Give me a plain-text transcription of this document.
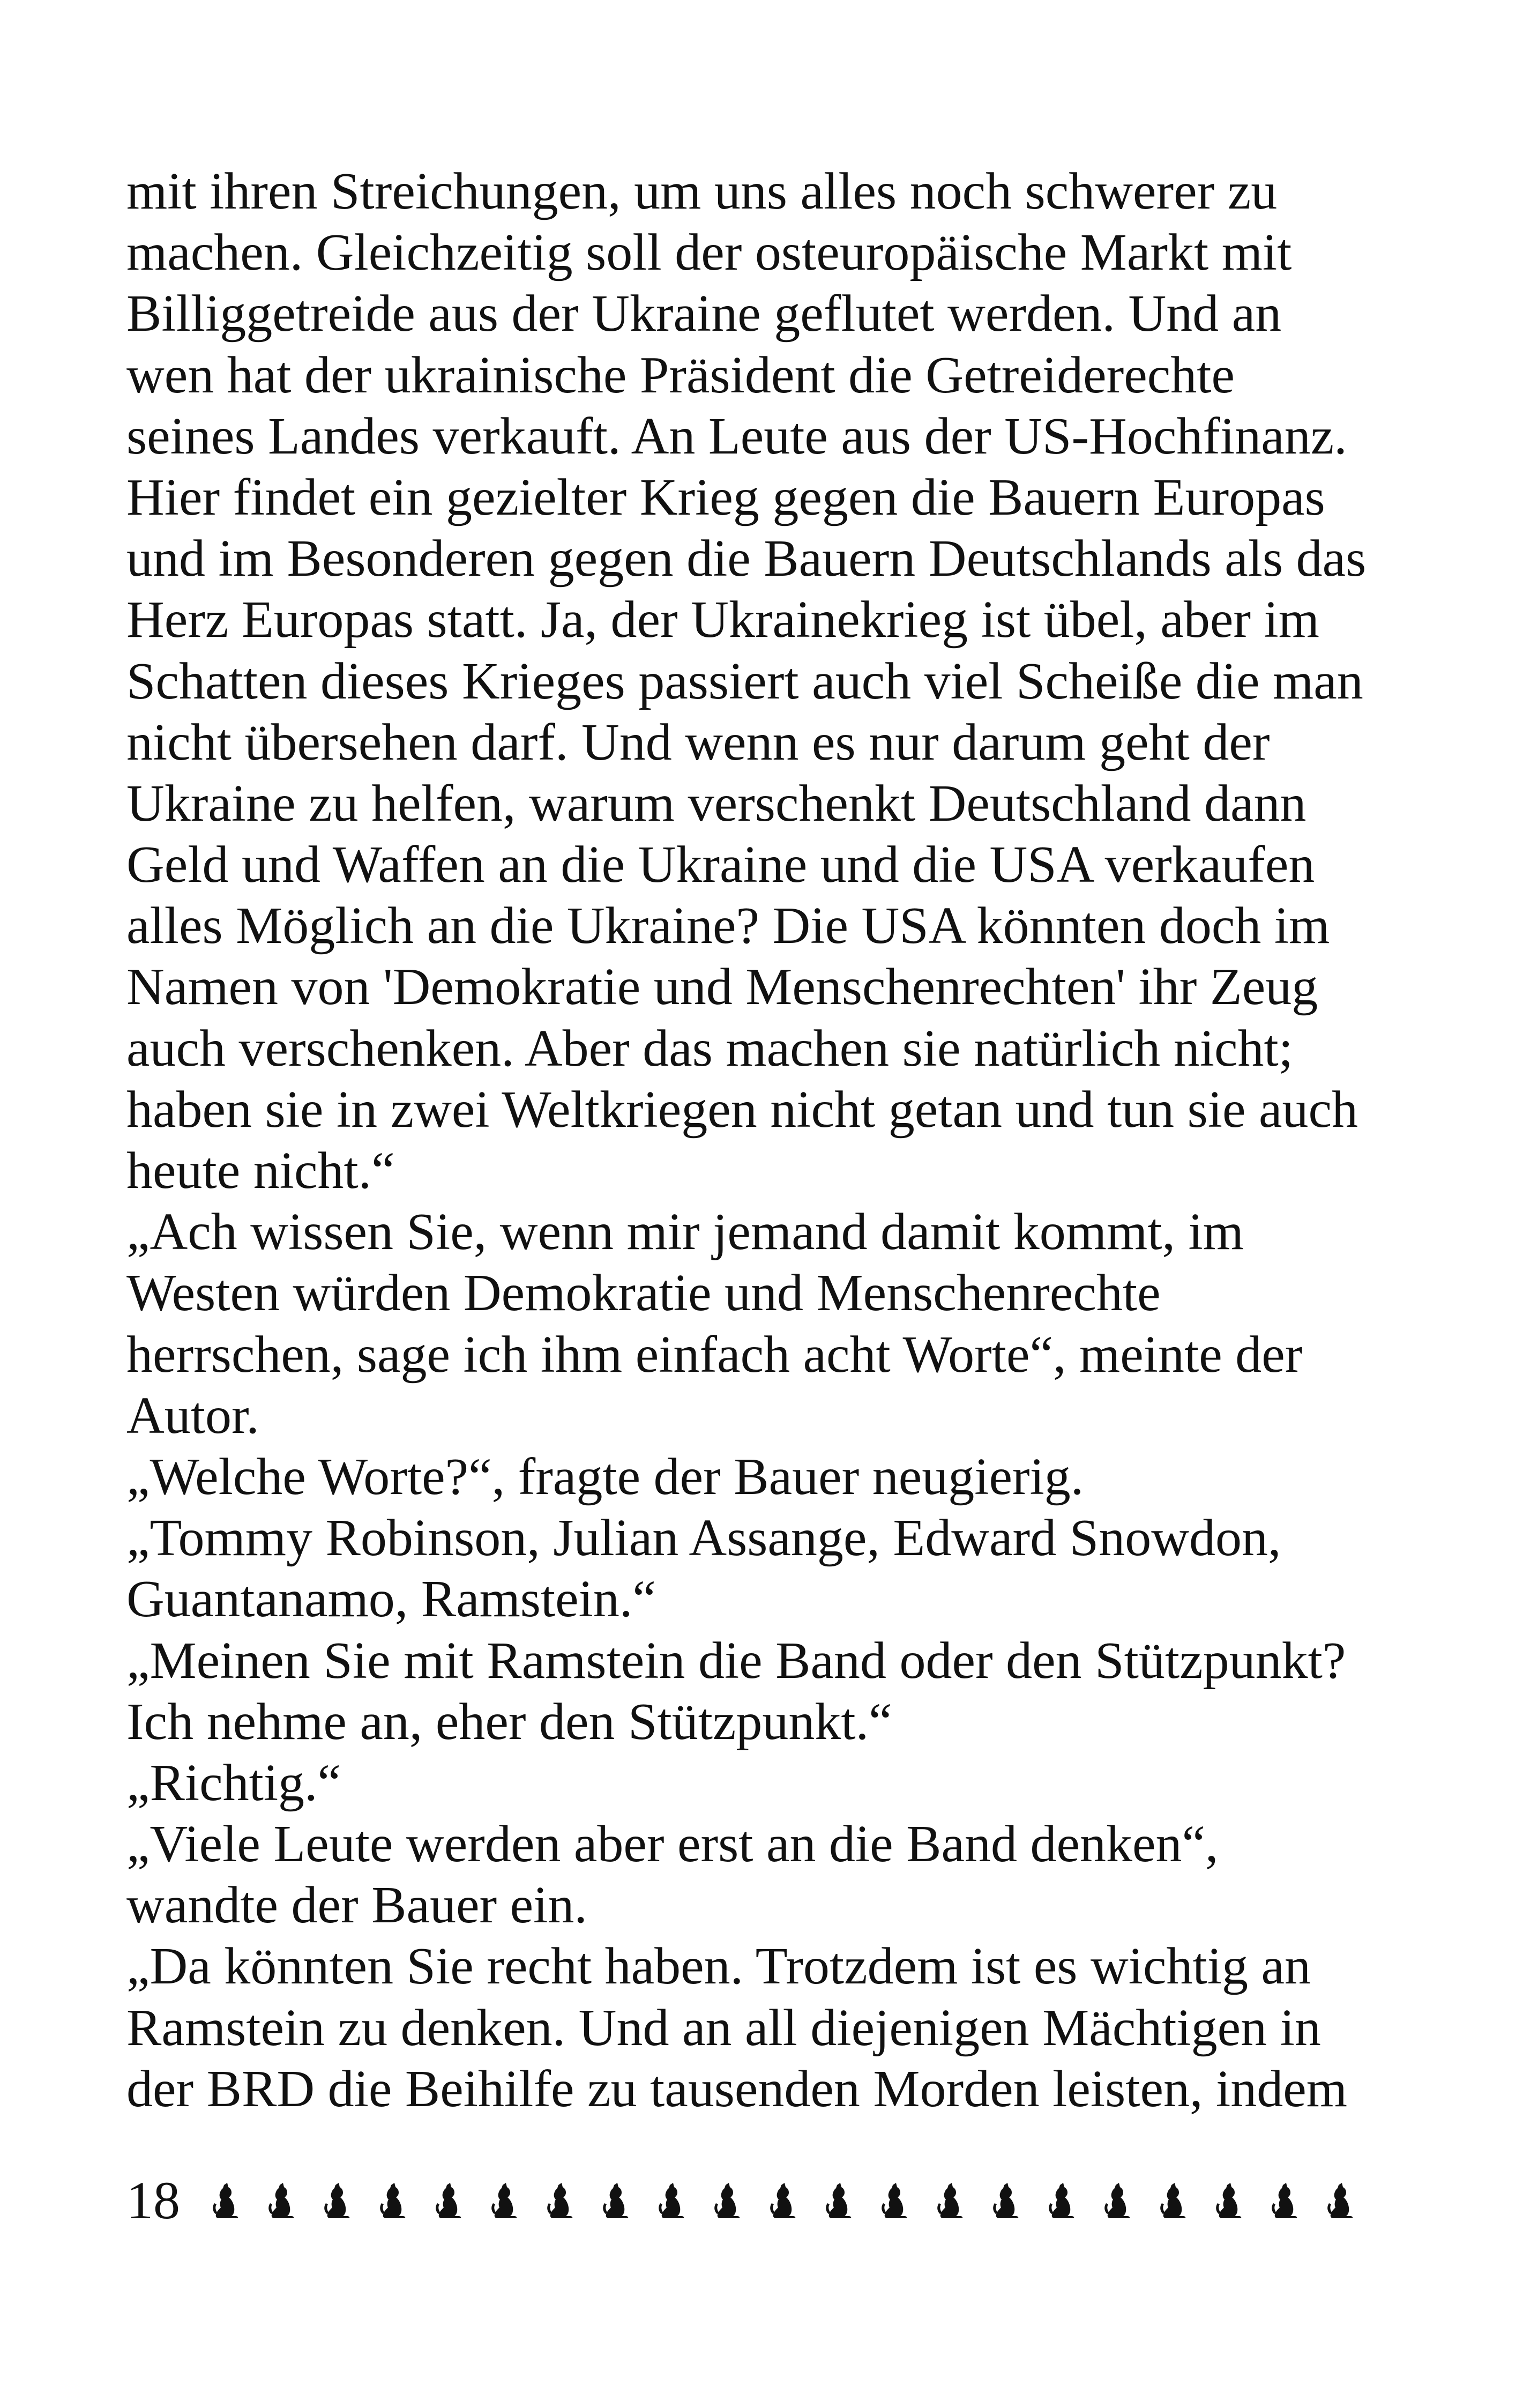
mit ihren Streichungen, um uns alles noch schwerer zu
machen. Gleichzeitig soll der osteuropäische Markt mit
Billiggetreide aus der Ukraine geflutet werden. Und an
wen hat der ukrainische Präsident die Getreiderechte
seines Landes verkauft. An Leute aus der US-Hochfinanz.
Hier findet ein gezielter Krieg gegen die Bauern Europas
und im Besonderen gegen die Bauern Deutschlands als das
Herz Europas statt. Ja, der Ukrainekrieg ist übel, aber im
Schatten dieses Krieges passiert auch viel Scheiße die man
nicht übersehen darf. Und wenn es nur darum geht der
Ukraine zu helfen, warum verschenkt Deutschland dann
Geld und Waffen an die Ukraine und die USA verkaufen
alles Möglich an die Ukraine? Die USA könnten doch im
Namen von 'Demokratie und Menschenrechten' ihr Zeug
auch verschenken. Aber das machen sie natürlich nicht;
haben sie in zwei Weltkriegen nicht getan und tun sie auch
heute nicht.“
„Ach wissen Sie, wenn mir jemand damit kommt, im
Westen würden Demokratie und Menschenrechte
herrschen, sage ich ihm einfach acht Worte“, meinte der
Autor.
„Welche Worte?“, fragte der Bauer neugierig.
„Tommy Robinson, Julian Assange, Edward Snowdon,
Guantanamo, Ramstein.“
„Meinen Sie mit Ramstein die Band oder den Stützpunkt?
Ich nehme an, eher den Stützpunkt.“
„Richtig.“
„Viele Leute werden aber erst an die Band denken“,
wandte der Bauer ein.
„Da könnten Sie recht haben. Trotzdem ist es wichtig an
Ramstein zu denken. Und an all diejenigen Mächtigen in
der BRD die Beihilfe zu tausenden Morden leisten, indem
18
